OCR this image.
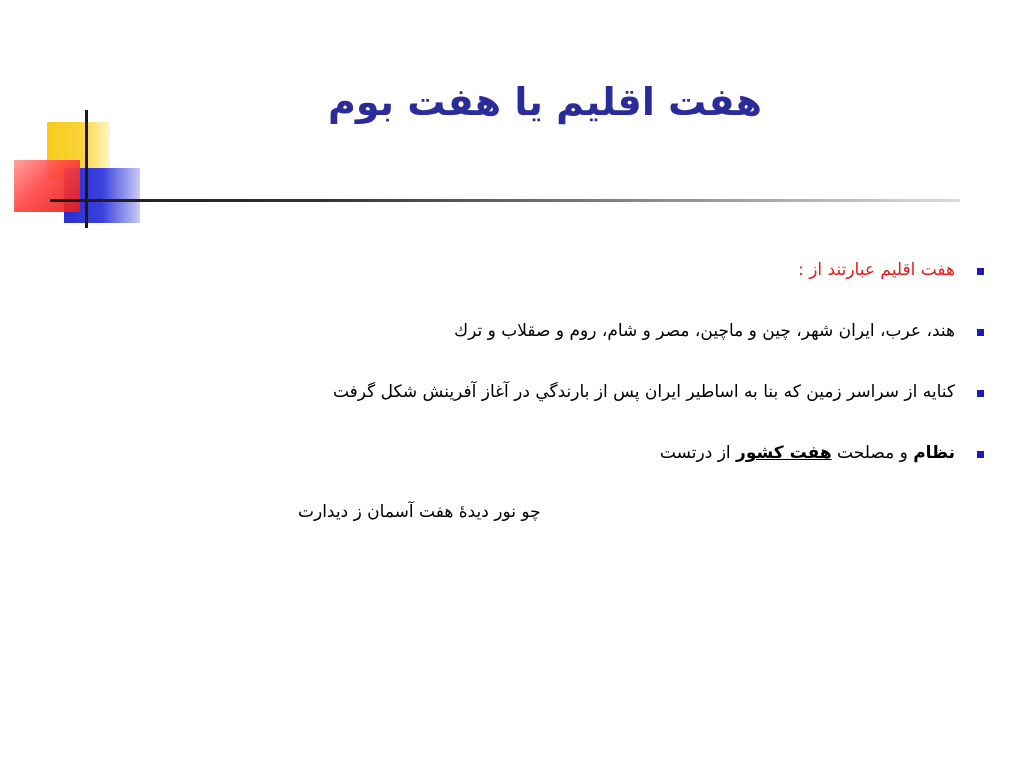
هفت اقليم يا هفت بوم
هفت اقليم عبارتند از :
هند، عرب، ايران شهر، چين و ماچين، مصر و شام، روم و صقلاب و ترك
كنايه از سراسر زمين كه بنا به اساطير ايران پس از بارندگي در آغاز آفرينش شكل گرفت
نظام و مصلحت هفت كشور از درتست
چو نور ديدهٔ هفت آسمان ز ديدارت
